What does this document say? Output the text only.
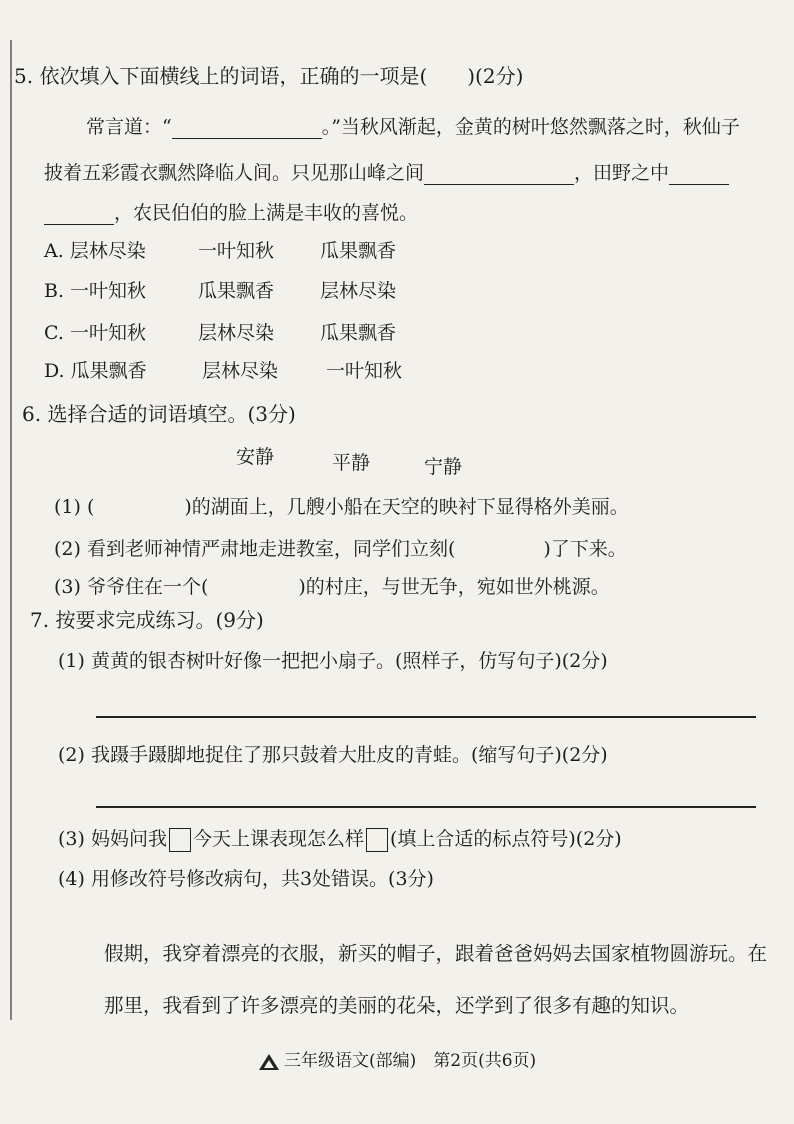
5. 依次填入下面横线上的词语，正确的一项是(　　)(2分)
常言道：“	。”当秋风渐起，金黄的树叶悠然飘落之时，秋仙子
披着五彩霞衣飘然降临人间。只见那山峰之间	，田野之中
，农民伯伯的脸上满是丰收的喜悦。
A. 层林尽染	一叶知秋 瓜果飘香
B. 一叶知秋	瓜果飘香 层林尽染
C. 一叶知秋	层林尽染 瓜果飘香
D. 瓜果飘香	层林尽染	一叶知秋
6. 选择合适的词语填空。(3分)
安静	平静	宁静
(1) (	)的湖面上，几艘小船在天空的映衬下显得格外美丽。
(2) 看到老师神情严肃地走进教室，同学们立刻(	)了下来。
(3) 爷爷住在一个(	)的村庄，与世无争，宛如世外桃源。
7. 按要求完成练习。(9分)
(1) 黄黄的银杏树叶好像一把把小扇子。(照样子，仿写句子)(2分)
(2) 我蹑手蹑脚地捉住了那只鼓着大肚皮的青蛙。(缩写句子)(2分)
(3) 妈妈问我 今天上课表现怎么样 (填上合适的标点符号)(2分)
(4) 用修改符号修改病句，共3处错误。(3分)
假期，我穿着漂亮的衣服，新买的帽子，跟着爸爸妈妈去国家植物圆游玩。在
那里，我看到了许多漂亮的美丽的花朵，还学到了很多有趣的知识。
三年级语文(部编)　第2页(共6页)
